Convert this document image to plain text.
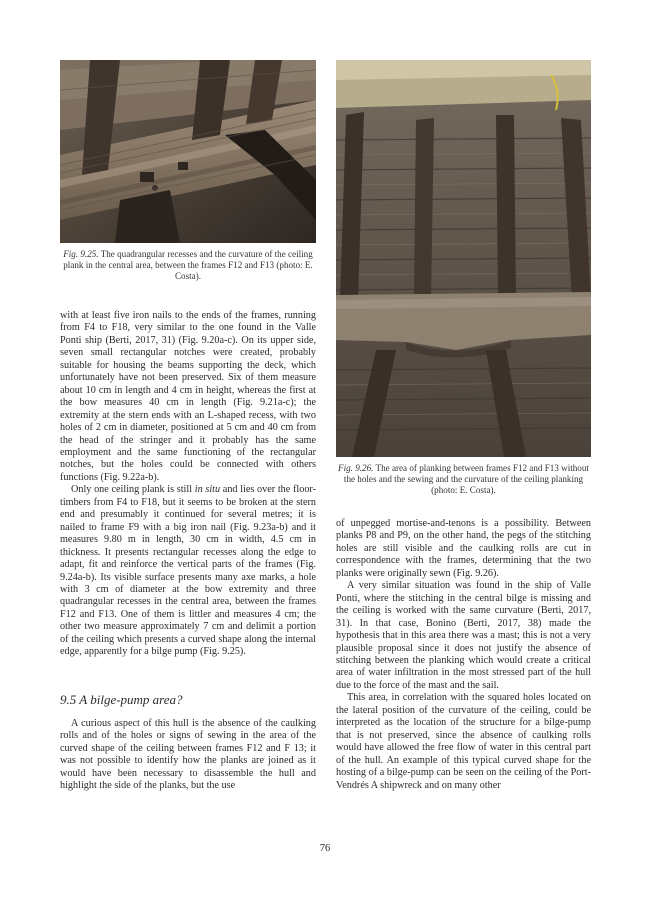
Fig. 9.25. The quadrangular recesses and the curvature of the ceiling plank in the central area, between the frames F12 and F13 (photo: E. Costa).
Fig. 9.26. The area of planking between frames F12 and F13 without the holes and the sewing and the curvature of the ceiling planking (photo: E. Costa).

with at least five iron nails to the ends of the frames, running from F4 to F18, very similar to the one found in the Valle Ponti ship (Berti, 2017, 31) (Fig. 9.20a-c). On its upper side, seven small rectangular notches were created, probably suitable for housing the beams supporting the deck, which unfortunately have not been preserved. Six of them measure about 10 cm in length and 4 cm in height, whereas the first at the bow measures 40 cm in length (Fig. 9.21a-c); the extremity at the stern ends with an L-shaped recess, with two holes of 2 cm in diameter, positioned at 5 cm and 40 cm from the head of the stringer and it probably has the same employment and the same functioning of the rectangular notches, but the holes could be connected with others functions (Fig. 9.22a-b).

Only one ceiling plank is still in situ and lies over the floor-timbers from F4 to F18, but it seems to be broken at the stern end and presumably it continued for several metres; it is nailed to frame F9 with a big iron nail (Fig. 9.23a-b) and it measures 9.80 m in length, 30 cm in width, 4.5 cm in thickness. It presents rectangular recesses along the edge to adapt, fit and reinforce the vertical parts of the frames (Fig. 9.24a-b). Its visible surface presents many axe marks, a hole with 3 cm of diameter at the bow extremity and three quadrangular recesses in the central area, between the frames F12 and F13. One of them is littler and measures 4 cm; the other two measure approximately 7 cm and delimit a portion of the ceiling which presents a curved shape along the internal edge, apparently for a bilge pump (Fig. 9.25).

9.5 A bilge-pump area?

A curious aspect of this hull is the absence of the caulking rolls and of the holes or signs of sewing in the area of the curved shape of the ceiling between frames F12 and F 13; it was not possible to identify how the planks are joined as it would have been necessary to disassemble the hull and highlight the side of the planks, but the use

of unpegged mortise-and-tenons is a possibility. Between planks P8 and P9, on the other hand, the pegs of the stitching holes are still visible and the caulking rolls are cut in correspondence with the frames, determining that the two planks were originally sewn (Fig. 9.26).

A very similar situation was found in the ship of Valle Ponti, where the stitching in the central bilge is missing and the ceiling is worked with the same curvature (Berti, 2017, 31). In that case, Bonino (Berti, 2017, 38) made the hypothesis that in this area there was a mast; this is not a very plausible proposal since it does not justify the absence of stitching between the planking which would create a critical area of water infiltration in the most stressed part of the hull due to the force of the mast and the sail.

This area, in correlation with the squared holes located on the lateral position of the curvature of the ceiling, could be interpreted as the location of the structure for a bilge-pump that is not preserved, since the absence of caulking rolls would have allowed the free flow of water in this central part of the hull. An example of this typical curved shape for the hosting of a bilge-pump can be seen on the ceiling of the Port-Vendrés A shipwreck and on many other

76
